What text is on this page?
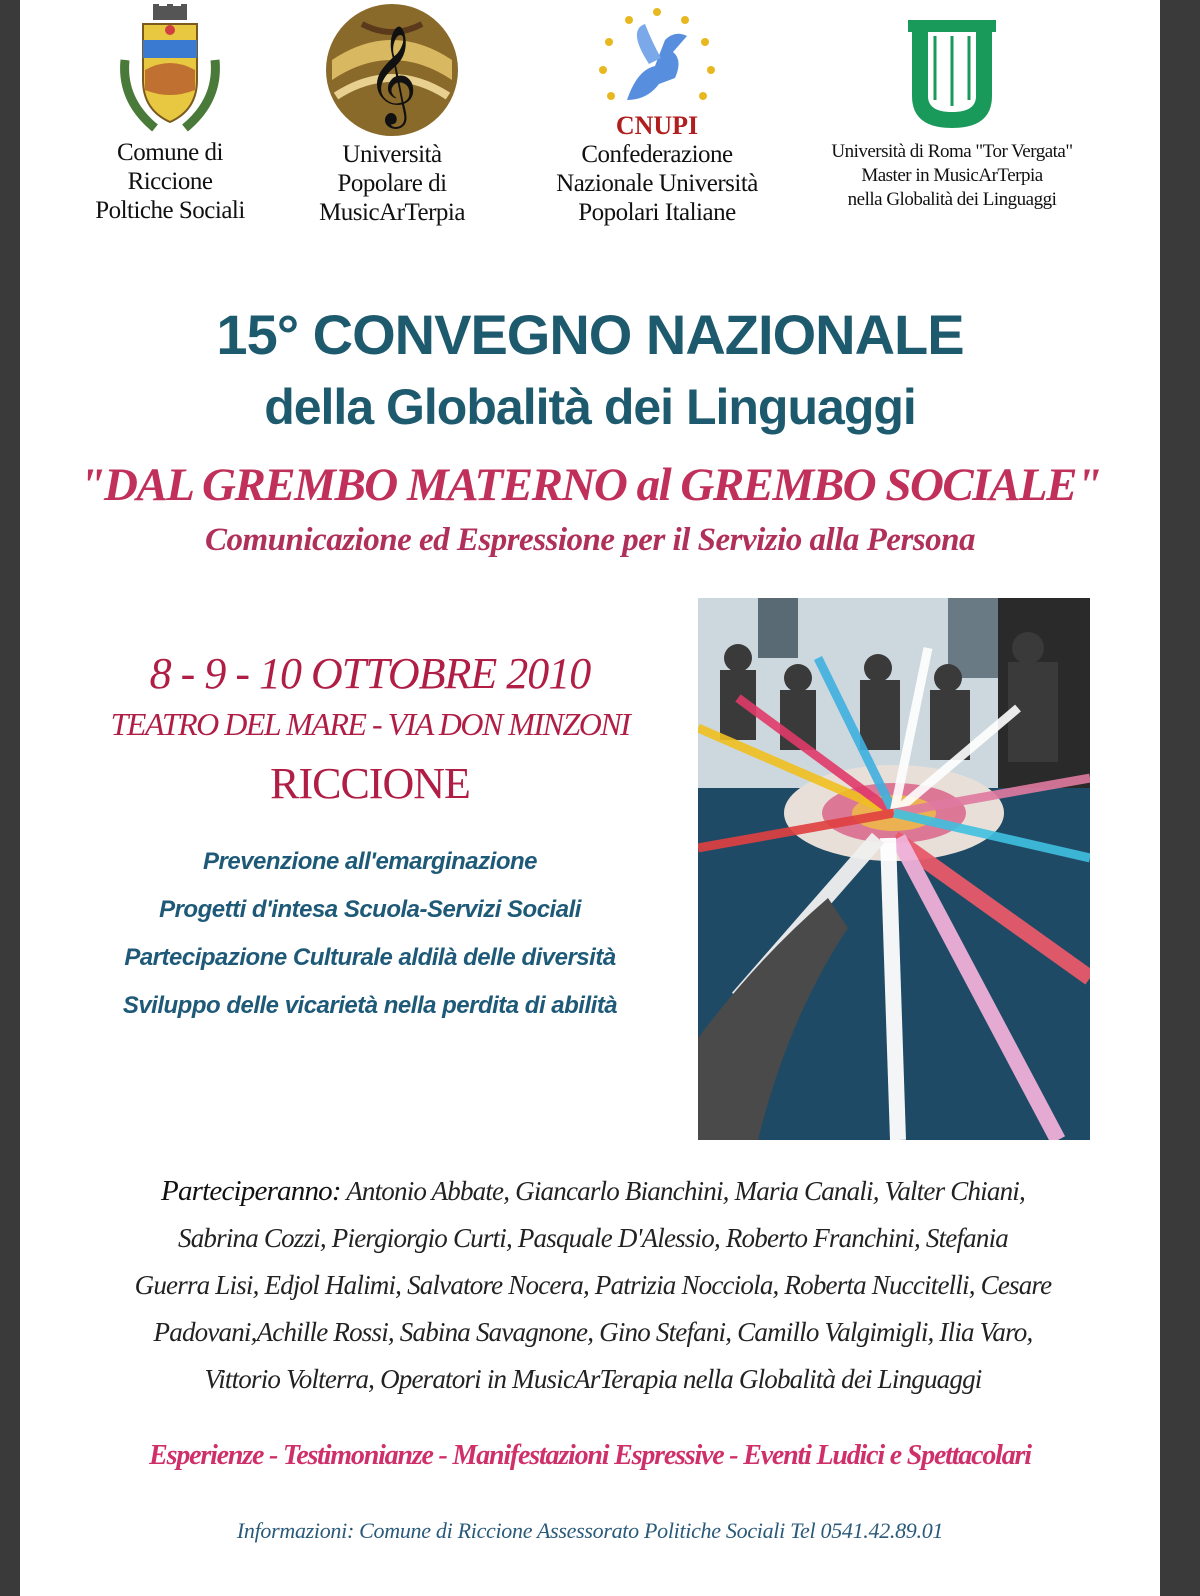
Comune di
Riccione
Poltiche Sociali
𝄞
Università
Popolare di
MusicArTerpia
CNUPI
Confederazione
Nazionale Università
Popolari Italiane
Università di Roma "Tor Vergata"
Master in MusicArTerpia
nella Globalità dei Linguaggi
15° CONVEGNO NAZIONALE
della Globalità dei Linguaggi
"DAL GREMBO MATERNO al GREMBO SOCIALE"
Comunicazione ed Espressione per il Servizio alla Persona
8 - 9 - 10 OTTOBRE 2010
TEATRO DEL MARE - VIA DON MINZONI
RICCIONE
Prevenzione all'emarginazione
Progetti d'intesa Scuola-Servizi Sociali
Partecipazione Culturale aldilà delle diversità
Sviluppo delle vicarietà nella perdita di abilità
Parteciperanno: Antonio Abbate, Giancarlo Bianchini, Maria Canali, Valter Chiani,
Sabrina Cozzi, Piergiorgio Curti, Pasquale D'Alessio, Roberto Franchini, Stefania
Guerra Lisi, Edjol Halimi, Salvatore Nocera, Patrizia Nocciola, Roberta Nuccitelli, Cesare
Padovani,Achille Rossi, Sabina Savagnone, Gino Stefani, Camillo Valgimigli, Ilia Varo,
Vittorio Volterra, Operatori in MusicArTerapia nella Globalità dei Linguaggi
Esperienze - Testimonianze - Manifestazioni Espressive - Eventi Ludici e Spettacolari
Informazioni: Comune di Riccione Assessorato Politiche Sociali Tel 0541.42.89.01
